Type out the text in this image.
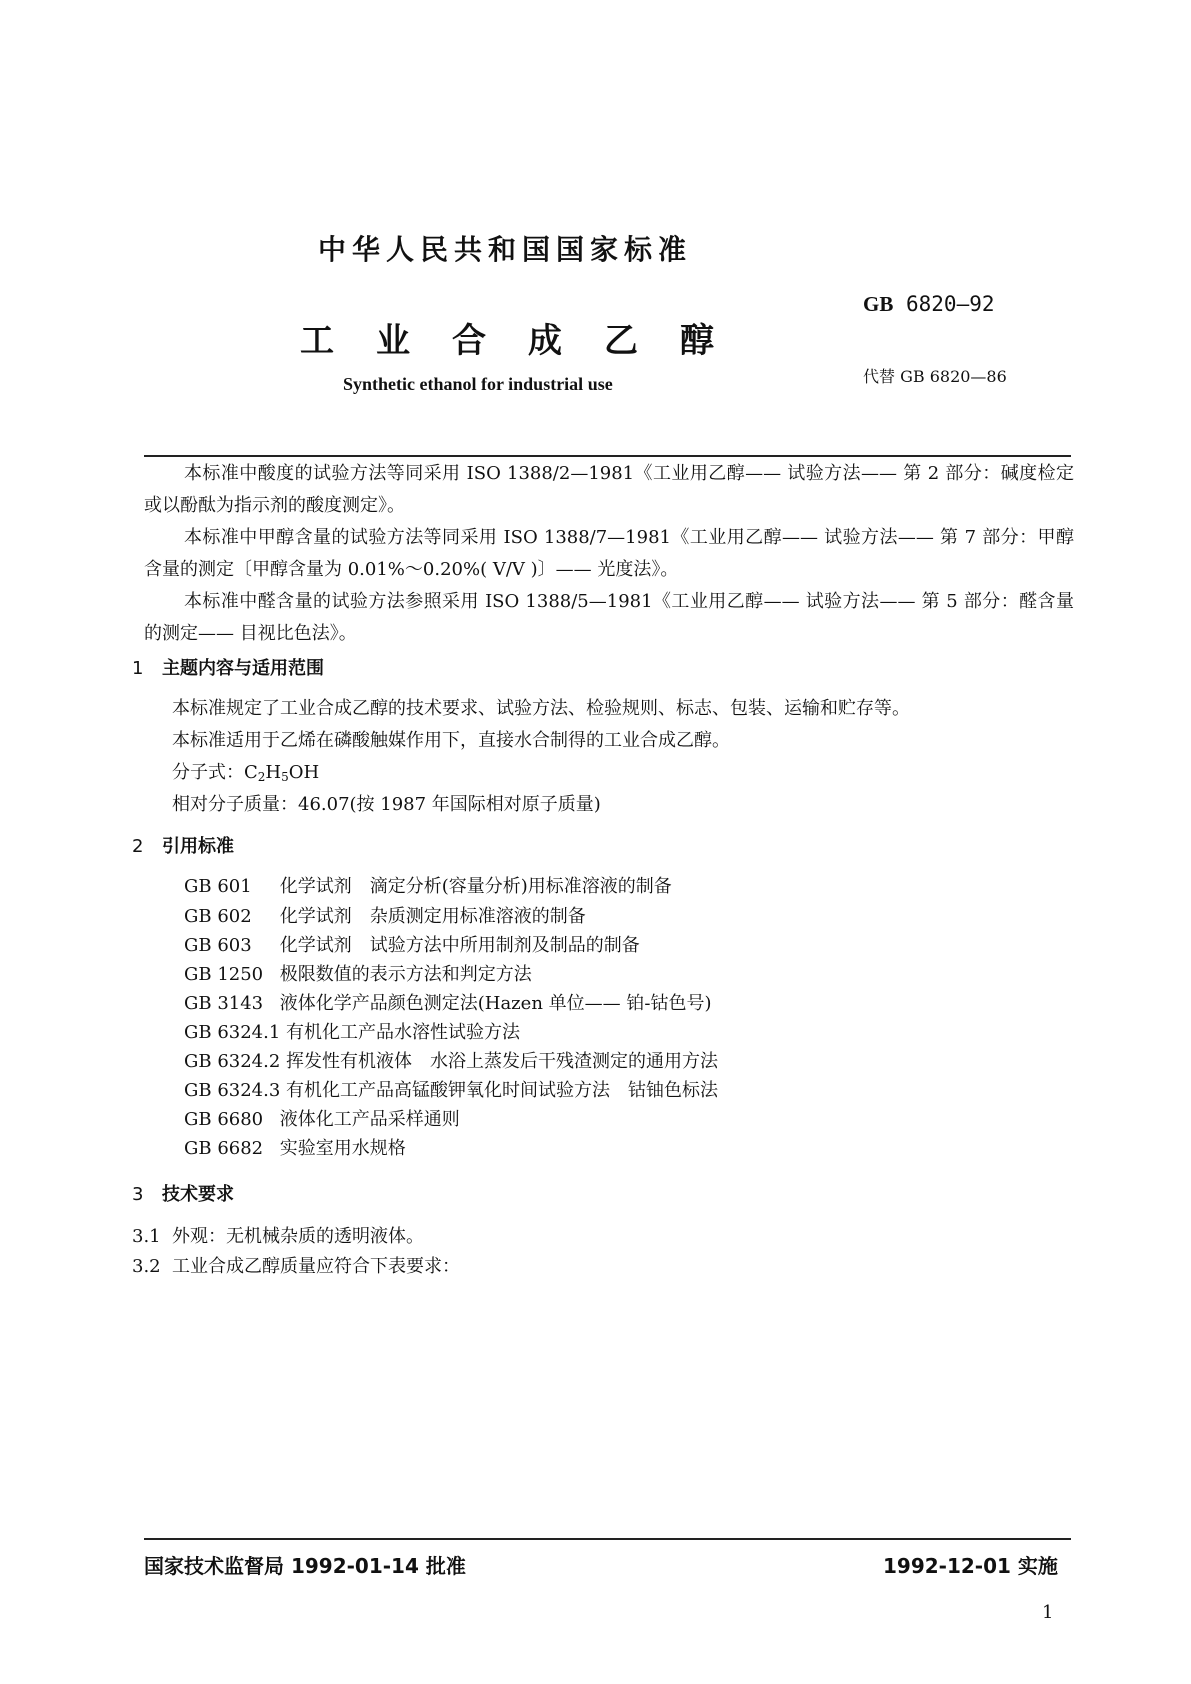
中华人民共和国国家标准
工业合成乙醇
Synthetic ethanol for industrial use
GB 6820—92
代替 GB 6820—86

本标准中酸度的试验方法等同采用 ISO 1388/2—1981《工业用乙醇—— 试验方法—— 第 2 部分：碱度检定或以酚酞为指示剂的酸度测定》。

本标准中甲醇含量的试验方法等同采用 ISO 1388/7—1981《工业用乙醇—— 试验方法—— 第 7 部分：甲醇含量的测定〔甲醇含量为 0.01%～0.20%( V/V )〕—— 光度法》。

本标准中醛含量的试验方法参照采用 ISO 1388/5—1981《工业用乙醇—— 试验方法—— 第 5 部分：醛含量的测定—— 目视比色法》。

1 主题内容与适用范围
本标准规定了工业合成乙醇的技术要求、试验方法、检验规则、标志、包装、运输和贮存等。
本标准适用于乙烯在磷酸触媒作用下，直接水合制得的工业合成乙醇。
分子式：$C_2H_5OH$
相对分子质量：46.07(按 1987 年国际相对原子质量)
2 引用标准
GB 601 化学试剂　滴定分析(容量分析)用标准溶液的制备
GB 602 化学试剂　杂质测定用标准溶液的制备
GB 603 化学试剂　试验方法中所用制剂及制品的制备
GB 1250 极限数值的表示方法和判定方法
GB 3143 液体化学产品颜色测定法(Hazen 单位—— 铂-钴色号)
GB 6324.1 有机化工产品水溶性试验方法
GB 6324.2 挥发性有机液体　水浴上蒸发后干残渣测定的通用方法
GB 6324.3 有机化工产品高锰酸钾氧化时间试验方法　钴铀色标法
GB 6680 液体化工产品采样通则
GB 6682 实验室用水规格
3 技术要求
3.1 外观：无机械杂质的透明液体。
3.2 工业合成乙醇质量应符合下表要求：
国家技术监督局 1992-01-14 批准	1992-12-01 实施
1
